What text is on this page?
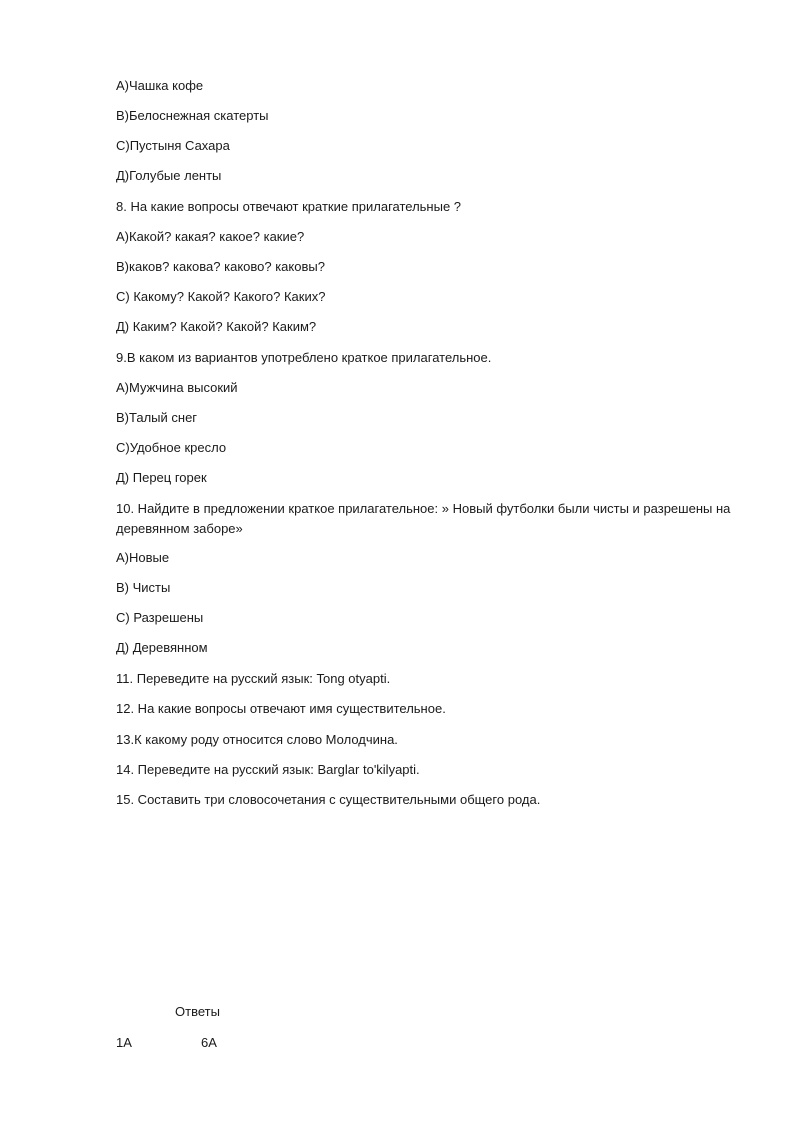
А)Чашка кофе
В)Белоснежная скатерты
С)Пустыня Сахара
Д)Голубые ленты
8. На какие вопросы отвечают краткие прилагательные ?
А)Какой? какая? какое? какие?
В)каков? какова? каково? каковы?
С) Какому? Какой? Какого? Каких?
Д) Каким? Какой? Какой? Каким?
9.В каком из вариантов употреблено краткое прилагательное.
А)Мужчина высокий
В)Талый снег
С)Удобное кресло
Д) Перец горек
10. Найдите в предложении краткое прилагательное: » Новый футболки были чисты и разрешены на деревянном заборе»
А)Новые
В) Чисты
С) Разрешены
Д) Деревянном
11. Переведите на русский язык: Tong otyapti.
12. На какие вопросы отвечают имя существительное.
13.К какому роду относится слово Молодчина.
14. Переведите на русский язык: Barglar to'kilyapti.
15. Составить три словосочетания с существительными общего рода.
Ответы
1А	6А
